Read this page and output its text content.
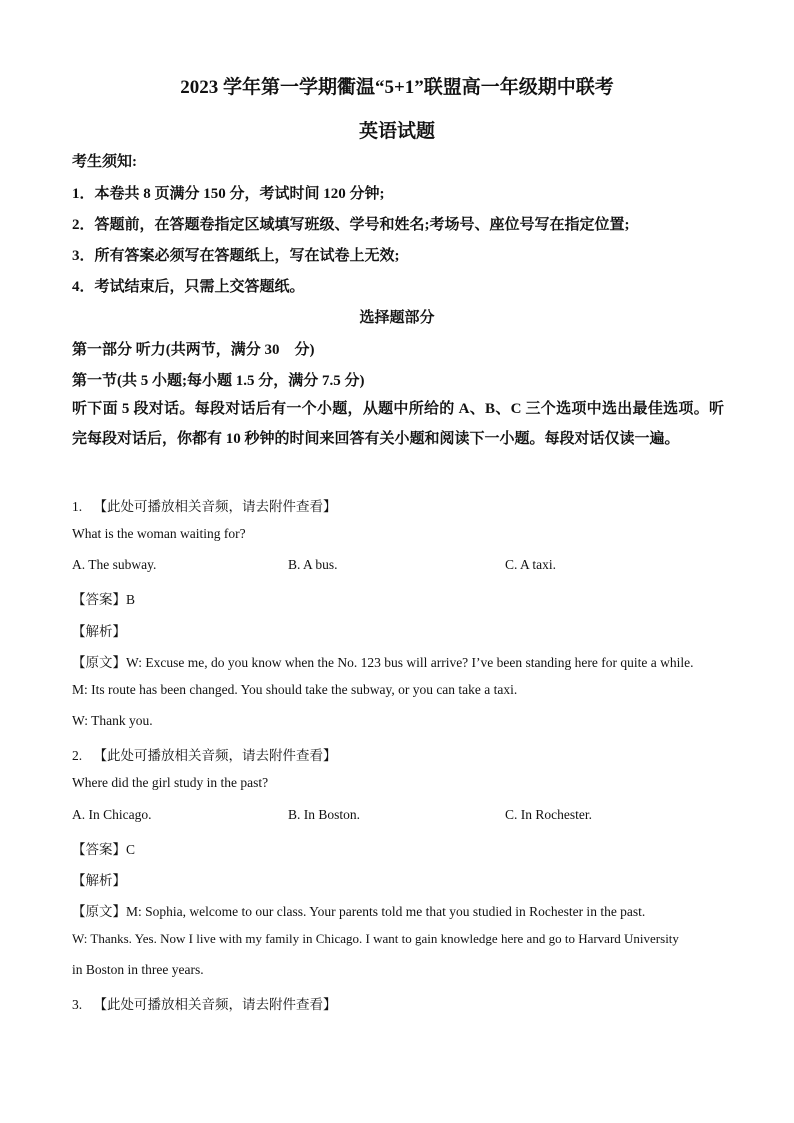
2023 学年第一学期衢温“5+1”联盟高一年级期中联考
英语试题
考生须知:
1．本卷共 8 页满分 150 分，考试时间 120 分钟;
2．答题前，在答题卷指定区域填写班级、学号和姓名;考场号、座位号写在指定位置;
3．所有答案必须写在答题纸上，写在试卷上无效;
4．考试结束后，只需上交答题纸。
选择题部分
第一部分 听力(共两节，满分 30　分)
第一节(共 5 小题;每小题 1.5 分，满分 7.5 分)
听下面 5 段对话。每段对话后有一个小题，从题中所给的 A、B、C 三个选项中选出最佳选项。听完每段对话后，你都有 10 秒钟的时间来回答有关小题和阅读下一小题。每段对话仅读一遍。
1. 【此处可播放相关音频，请去附件查看】
What is the woman waiting for?
A. The subway.	B. A bus.	C. A taxi.
【答案】B
【解析】
【原文】W: Excuse me, do you know when the No. 123 bus will arrive? I’ve been standing here for quite a while.
M: Its route has been changed. You should take the subway, or you can take a taxi.
W: Thank you.
2. 【此处可播放相关音频，请去附件查看】
Where did the girl study in the past?
A. In Chicago.	B. In Boston.	C. In Rochester.
【答案】C
【解析】
【原文】M: Sophia, welcome to our class. Your parents told me that you studied in Rochester in the past.
W: Thanks. Yes. Now I live with my family in Chicago. I want to gain knowledge here and go to Harvard University
in Boston in three years.
3. 【此处可播放相关音频，请去附件查看】
